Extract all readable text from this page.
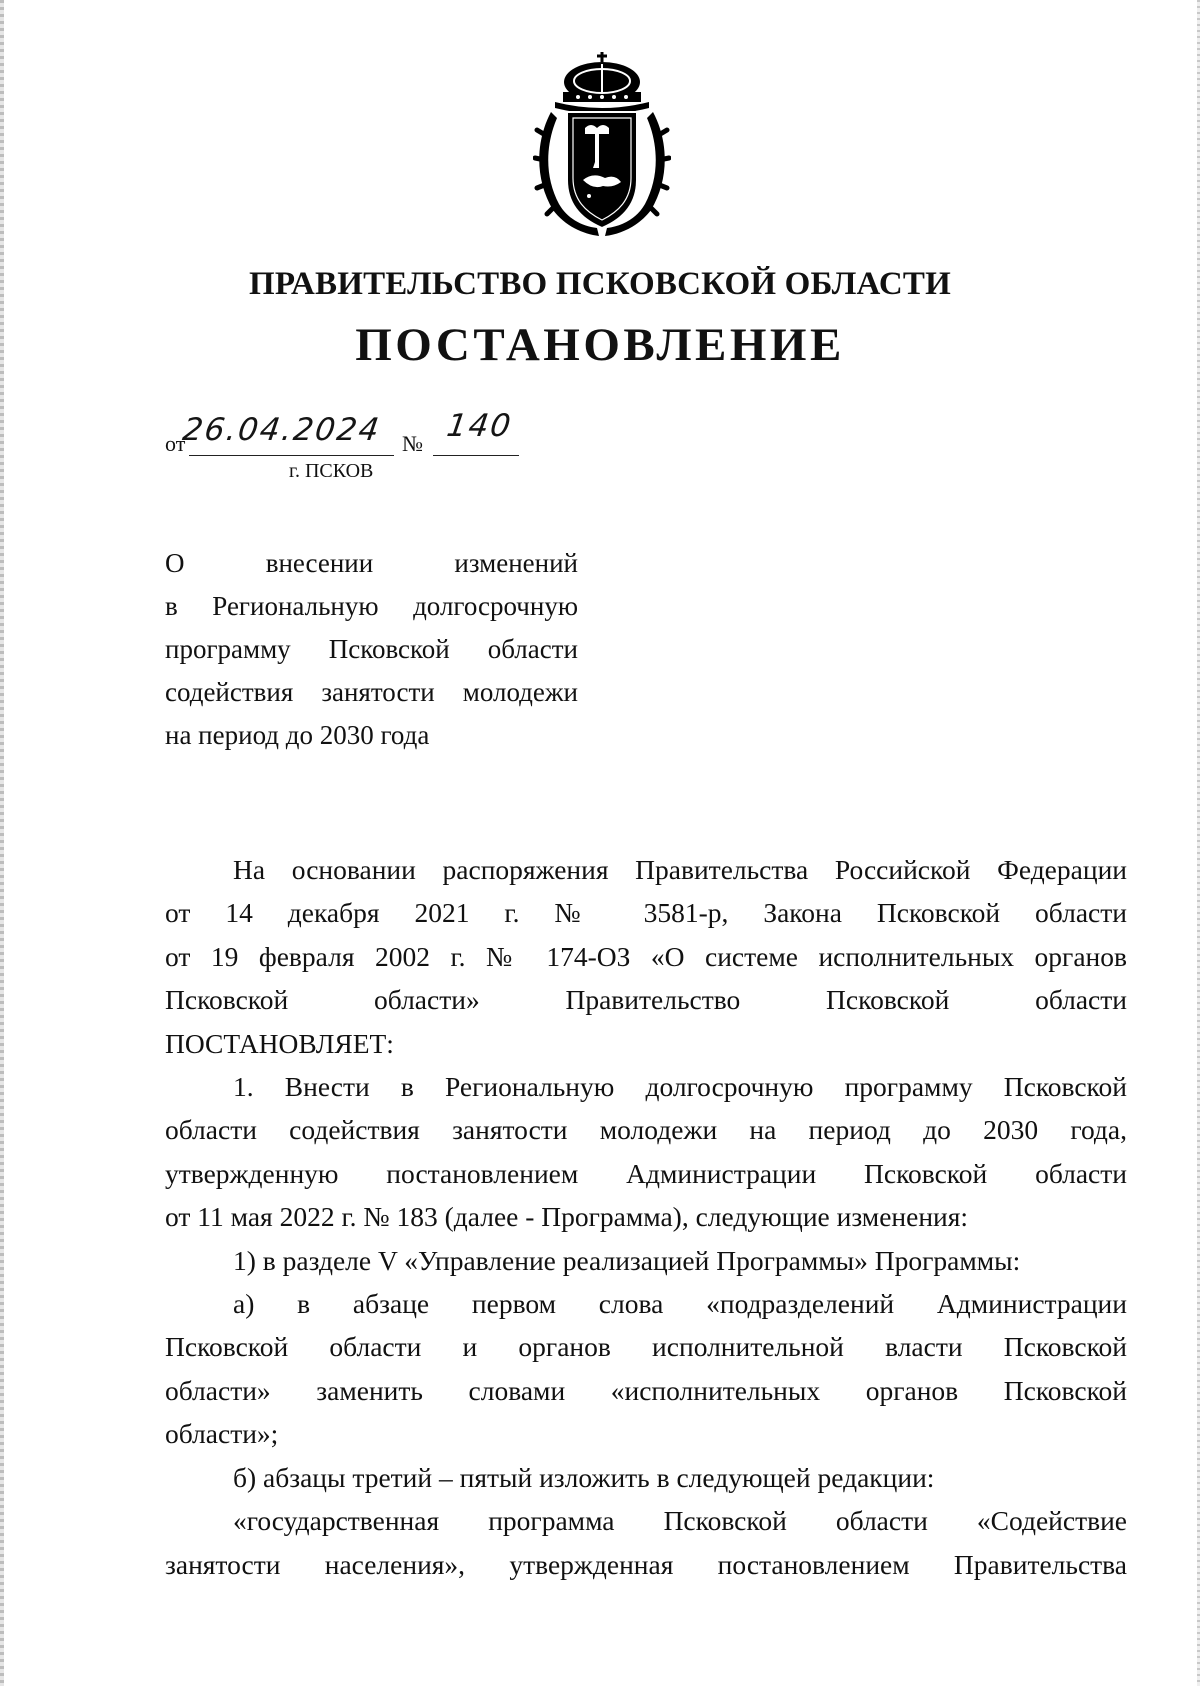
ПРАВИТЕЛЬСТВО ПСКОВСКОЙ ОБЛАСТИ
ПОСТАНОВЛЕНИЕ
от
26.04.2024 № 140
г. ПСКОВ
О внесении изменений
в Региональную долгосрочную
программу Псковской области
содействия занятости молодежи
на период до 2030 года
На основании распоряжения Правительства Российской Федерации
от 14 декабря 2021 г. № 3581-р, Закона Псковской области
от 19 февраля 2002 г. № 174-ОЗ «О системе исполнительных органов
Псковской области» Правительство Псковской области
ПОСТАНОВЛЯЕТ:
1. Внести в Региональную долгосрочную программу Псковской
области содействия занятости молодежи на период до 2030 года,
утвержденную постановлением Администрации Псковской области
от 11 мая 2022 г. № 183 (далее - Программа), следующие изменения:
1) в разделе V «Управление реализацией Программы» Программы:
а) в абзаце первом слова «подразделений Администрации
Псковской области и органов исполнительной власти Псковской
области» заменить словами «исполнительных органов Псковской
области»;
б) абзацы третий – пятый изложить в следующей редакции:
«государственная программа Псковской области «Содействие
занятости населения», утвержденная постановлением Правительства
